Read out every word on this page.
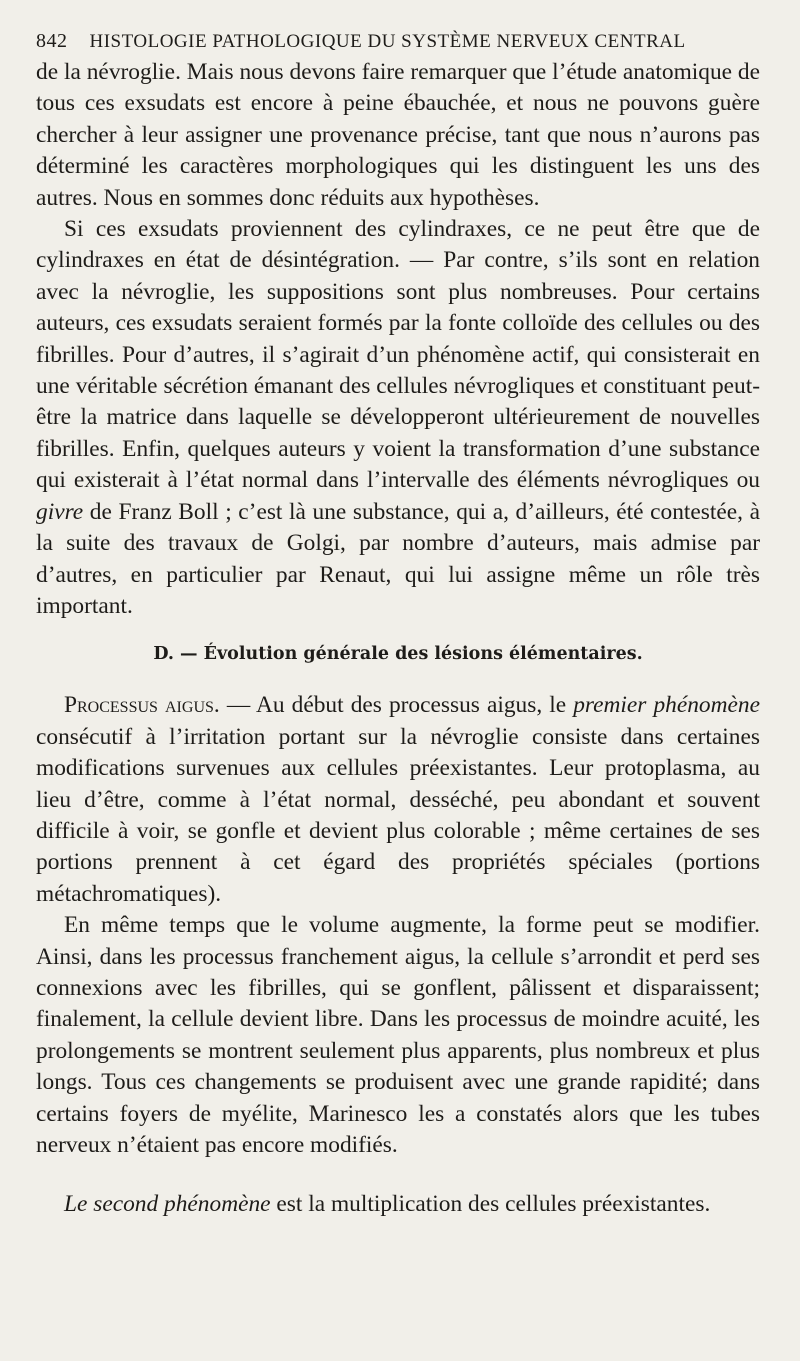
842 HISTOLOGIE PATHOLOGIQUE DU SYSTÈME NERVEUX CENTRAL

de la névroglie. Mais nous devons faire remarquer que l’étude anatomique de tous ces exsudats est encore à peine ébauchée, et nous ne pouvons guère chercher à leur assigner une provenance précise, tant que nous n’aurons pas déterminé les caractères morphologiques qui les distinguent les uns des autres. Nous en sommes donc réduits aux hypothèses.

Si ces exsudats proviennent des cylindraxes, ce ne peut être que de cylindraxes en état de désintégration. — Par contre, s’ils sont en relation avec la névroglie, les suppositions sont plus nombreuses. Pour certains auteurs, ces exsudats seraient formés par la fonte colloïde des cellules ou des fibrilles. Pour d’autres, il s’agirait d’un phénomène actif, qui consisterait en une véritable sécrétion émanant des cellules névrogliques et constituant peut-être la matrice dans laquelle se développeront ultérieurement de nouvelles fibrilles. Enfin, quelques auteurs y voient la transformation d’une substance qui existerait à l’état normal dans l’intervalle des éléments névrogliques ou givre de Franz Boll ; c’est là une substance, qui a, d’ailleurs, été contestée, à la suite des travaux de Golgi, par nombre d’auteurs, mais admise par d’autres, en particulier par Renaut, qui lui assigne même un rôle très important.

D. — Évolution générale des lésions élémentaires.

Processus aigus. — Au début des processus aigus, le premier phénomène consécutif à l’irritation portant sur la névroglie consiste dans certaines modifications survenues aux cellules préexistantes. Leur protoplasma, au lieu d’être, comme à l’état normal, desséché, peu abondant et souvent difficile à voir, se gonfle et devient plus colorable ; même certaines de ses portions prennent à cet égard des propriétés spéciales (portions métachromatiques).

En même temps que le volume augmente, la forme peut se modifier. Ainsi, dans les processus franchement aigus, la cellule s’arrondit et perd ses connexions avec les fibrilles, qui se gonflent, pâlissent et disparaissent; finalement, la cellule devient libre. Dans les processus de moindre acuité, les prolongements se montrent seulement plus apparents, plus nombreux et plus longs. Tous ces changements se produisent avec une grande rapidité; dans certains foyers de myélite, Marinesco les a constatés alors que les tubes nerveux n’étaient pas encore modifiés.

Le second phénomène est la multiplication des cellules préexistantes.
